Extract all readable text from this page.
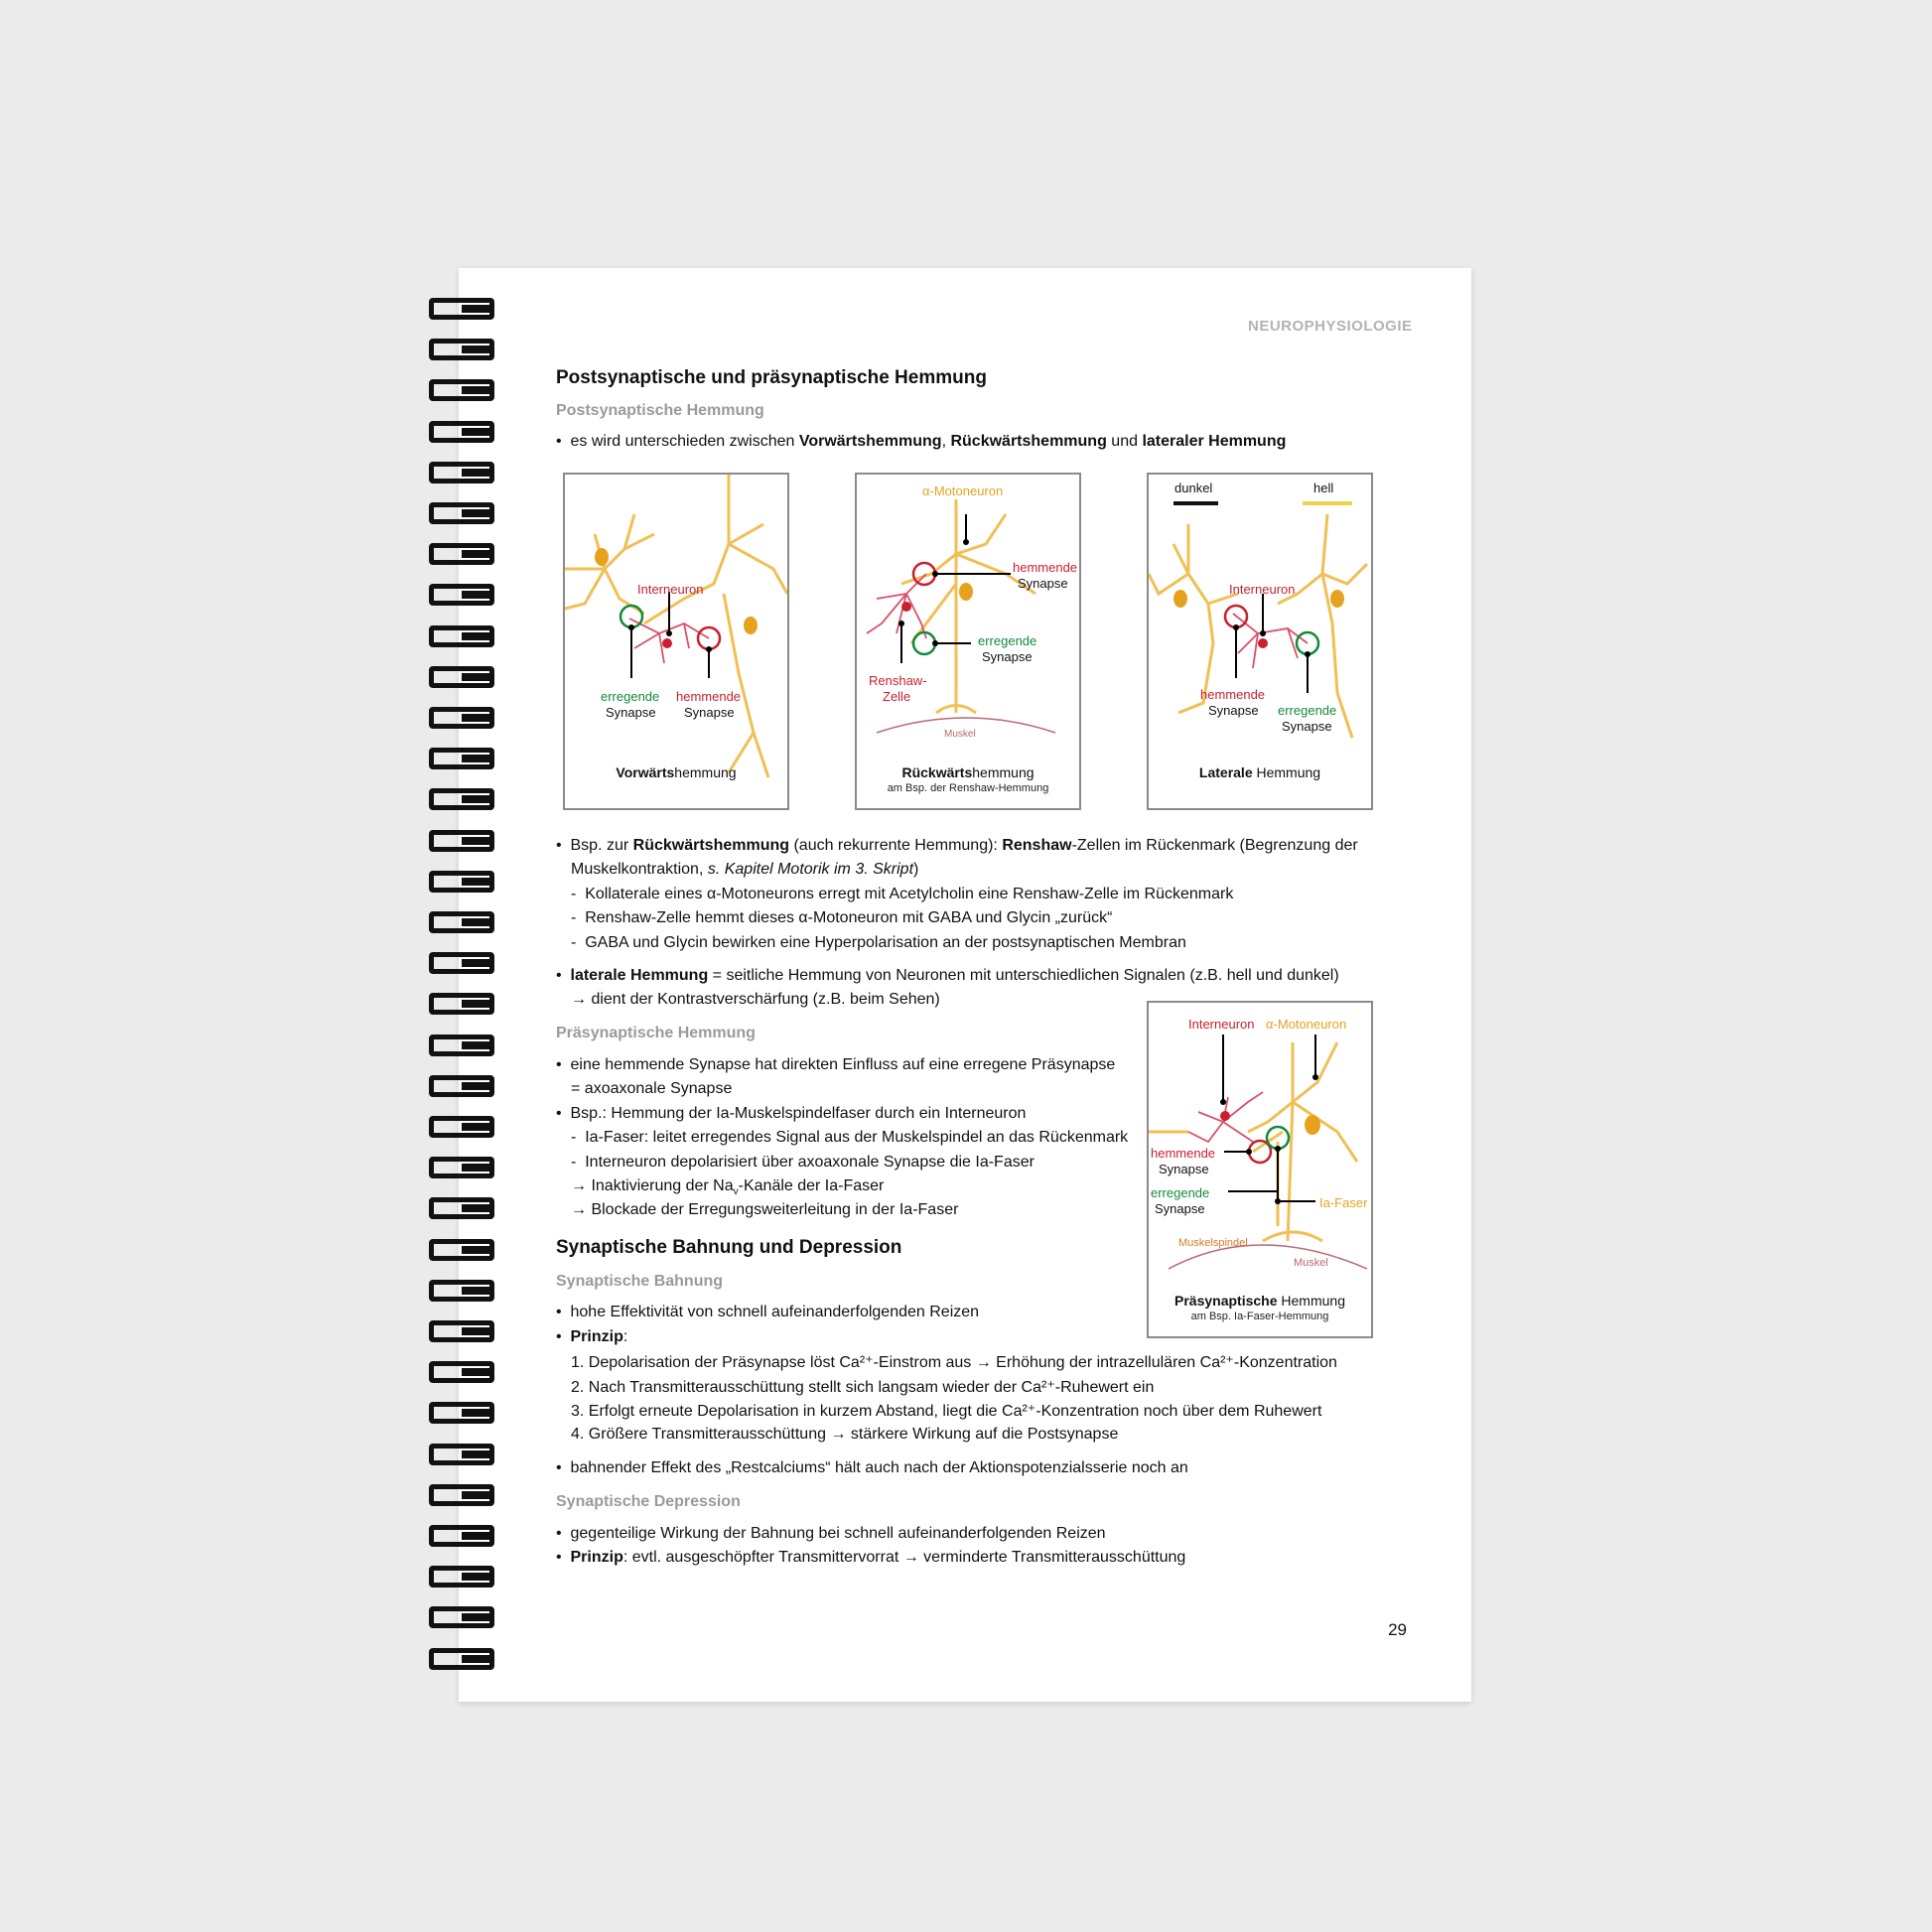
NEUROPHYSIOLOGIE
Postsynaptische und präsynaptische Hemmung
Postsynaptische Hemmung
•  es wird unterschieden zwischen Vorwärtshemmung, Rückwärtshemmung und lateraler Hemmung
Interneuron
erregende
Synapse
hemmende
Synapse
Vorwärtshemmung
α-Motoneuron
hemmende
Synapse
erregende
Synapse
Renshaw-
Zelle
Muskel
Rückwärtshemmung
am Bsp. der Renshaw-Hemmung
dunkel	hell
Interneuron
hemmende
Synapse erregende
Synapse
Laterale Hemmung
•  Bsp. zur Rückwärtshemmung (auch rekurrente Hemmung): Renshaw-Zellen im Rückenmark (Begrenzung der
Muskelkontraktion, s. Kapitel Motorik im 3. Skript)
-  Kollaterale eines α-Motoneurons erregt mit Acetylcholin eine Renshaw-Zelle im Rückenmark
-  Renshaw-Zelle hemmt dieses α-Motoneuron mit GABA und Glycin „zurück“
-  GABA und Glycin bewirken eine Hyperpolarisation an der postsynaptischen Membran
•  laterale Hemmung = seitliche Hemmung von Neuronen mit unterschiedlichen Signalen (z.B. hell und dunkel)
→ dient der Kontrastverschärfung (z.B. beim Sehen)
Präsynaptische Hemmung
•  eine hemmende Synapse hat direkten Einfluss auf eine erregene Präsynapse
= axoaxonale Synapse
•  Bsp.: Hemmung der Ia-Muskelspindelfaser durch ein Interneuron
-  Ia-Faser: leitet erregendes Signal aus der Muskelspindel an das Rückenmark
-  Interneuron depolarisiert über axoaxonale Synapse die Ia-Faser
→ Inaktivierung der $Na_v$-Kanäle der Ia-Faser
→ Blockade der Erregungsweiterleitung in der Ia-Faser
Interneuron α-Motoneuron
hemmende
Synapse
erregende
Synapse	Ia-Faser
Muskelspindel
Muskel
Präsynaptische Hemmung
am Bsp. Ia-Faser-Hemmung
Synaptische Bahnung und Depression
Synaptische Bahnung
•  hohe Effektivität von schnell aufeinanderfolgenden Reizen
•  Prinzip:
1. Depolarisation der Präsynapse löst Ca²⁺-Einstrom aus → Erhöhung der intrazellulären Ca²⁺-Konzentration
2. Nach Transmitterausschüttung stellt sich langsam wieder der Ca²⁺-Ruhewert ein
3. Erfolgt erneute Depolarisation in kurzem Abstand, liegt die Ca²⁺-Konzentration noch über dem Ruhewert
4. Größere Transmitterausschüttung → stärkere Wirkung auf die Postsynapse
•  bahnender Effekt des „Restcalciums“ hält auch nach der Aktionspotenzialsserie noch an
Synaptische Depression
•  gegenteilige Wirkung der Bahnung bei schnell aufeinanderfolgenden Reizen
•  Prinzip: evtl. ausgeschöpfter Transmittervorrat → verminderte Transmitterausschüttung
29
